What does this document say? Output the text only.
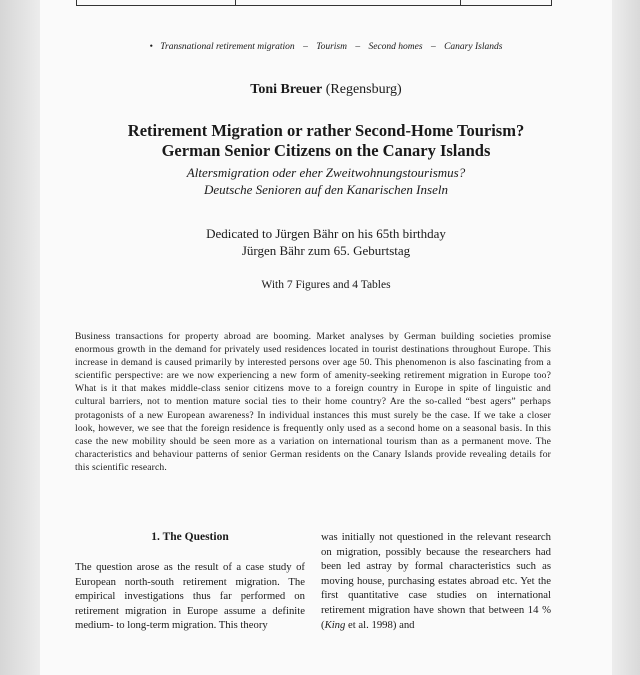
• Transnational retirement migration – Tourism – Second homes – Canary Islands
Toni Breuer (Regensburg)
Retirement Migration or rather Second-Home Tourism?
German Senior Citizens on the Canary Islands
Altersmigration oder eher Zweitwohnungstourismus?
Deutsche Senioren auf den Kanarischen Inseln
Dedicated to Jürgen Bähr on his 65th birthday
Jürgen Bähr zum 65. Geburtstag
With 7 Figures and 4 Tables

Business transactions for property abroad are booming. Market analyses by German building societies promise enormous growth in the demand for privately used residences located in tourist destinations throughout Europe. This increase in demand is caused primarily by interested persons over age 50. This phenomenon is also fascinating from a scientific perspective: are we now experiencing a new form of amenity-seeking retirement migration in Europe too? What is it that makes middle-class senior citizens move to a foreign country in Europe in spite of linguistic and cultural barriers, not to mention mature social ties to their home country? Are the so-called “best agers” perhaps protagonists of a new European awareness? In individual instances this must surely be the case. If we take a closer look, however, we see that the foreign residence is frequently only used as a second home on a seasonal basis. In this case the new mobility should be seen more as a variation on international tourism than as a permanent move. The characteristics and behaviour patterns of senior German residents on the Canary Islands provide revealing details for this scientific research.

1. The Question

The question arose as the result of a case study of European north-south retirement migration. The empirical investigations thus far performed on retirement migration in Europe assume a definite medium- to long-term migration. This theory

was initially not questioned in the relevant research on migration, possibly because the researchers had been led astray by formal characteristics such as moving house, purchasing estates abroad etc. Yet the first quantitative case studies on international retirement migration have shown that between 14 % (King et al. 1998) and
